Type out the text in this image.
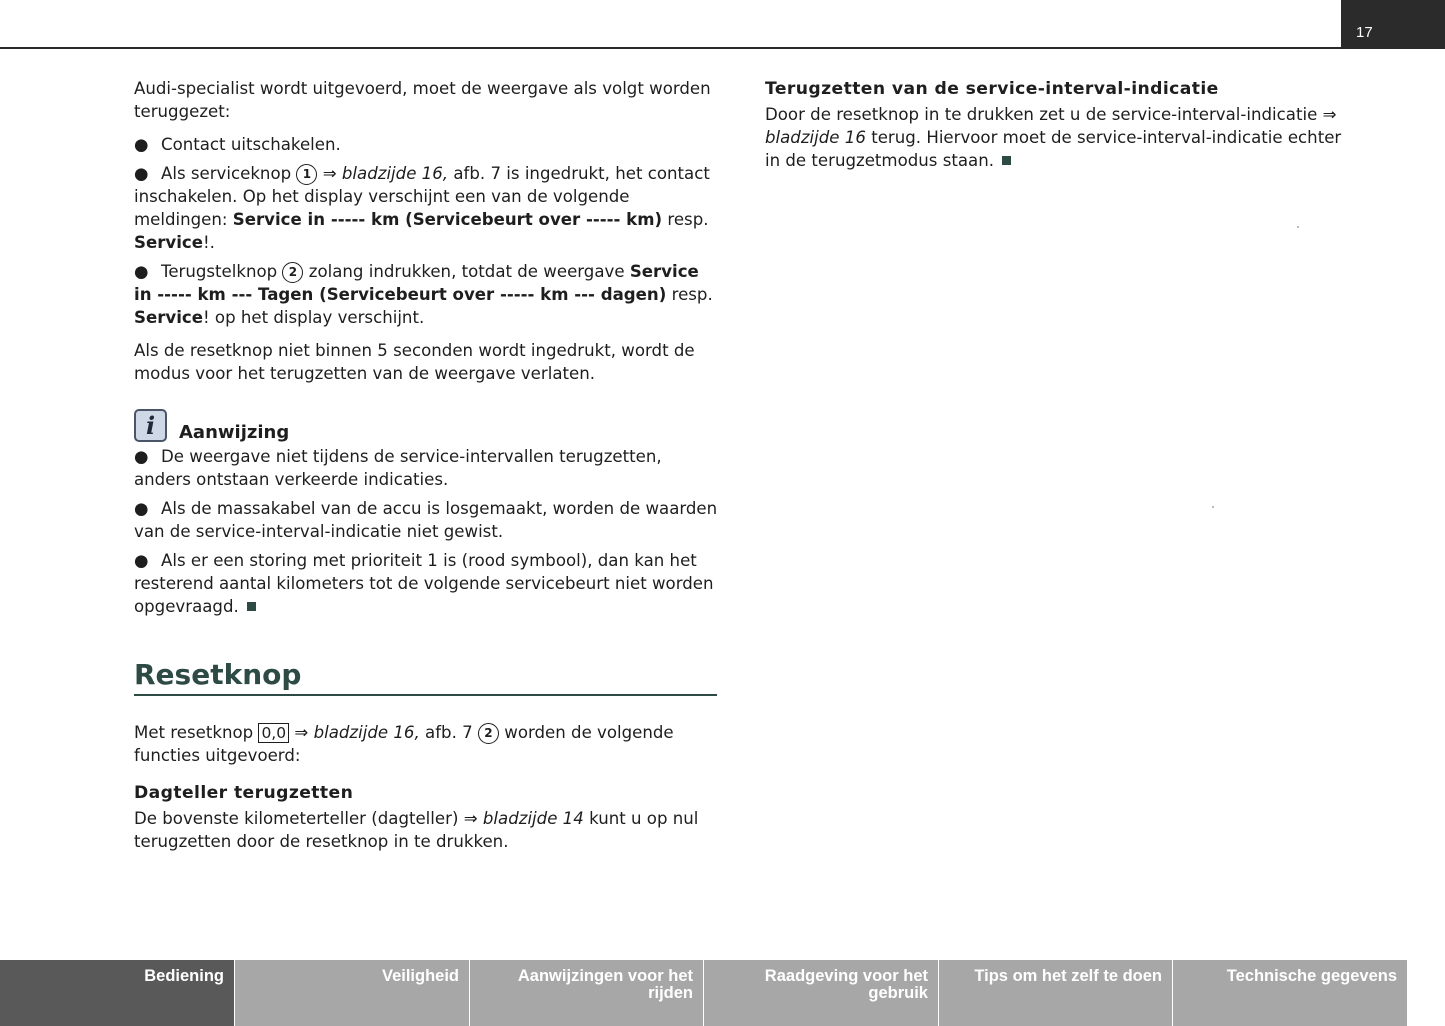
17

Audi-specialist wordt uitgevoerd, moet de weergave als volgt worden teruggezet:

● Contact uitschakelen.

● Als serviceknop 1 ⇒ bladzijde 16, afb. 7 is ingedrukt, het contact inschakelen. Op het display verschijnt een van de volgende meldingen: Service in ----- km (Servicebeurt over ----- km) resp. Service!.

● Terugstelknop 2 zolang indrukken, totdat de weergave Service in ----- km --- Tagen (Servicebeurt over ----- km --- dagen) resp. Service! op het display verschijnt.

Als de resetknop niet binnen 5 seconden wordt ingedrukt, wordt de modus voor het terugzetten van de weergave verlaten.

i	Aanwijzing

● De weergave niet tijdens de service-intervallen terugzetten, anders ontstaan verkeerde indicaties.

● Als de massakabel van de accu is losgemaakt, worden de waarden van de service-interval-indicatie niet gewist.

● Als er een storing met prioriteit 1 is (rood symbool), dan kan het resterend aantal kilometers tot de volgende servicebeurt niet worden opgevraagd.

Resetknop

Met resetknop 0,0 ⇒ bladzijde 16, afb. 7 2 worden de volgende functies uitgevoerd:

Dagteller terugzetten

De bovenste kilometerteller (dagteller) ⇒ bladzijde 14 kunt u op nul terugzetten door de resetknop in te drukken.

Terugzetten van de service-interval-indicatie

Door de resetknop in te drukken zet u de service-interval-indicatie ⇒ bladzijde 16 terug. Hiervoor moet de service-interval-indicatie echter in de terugzetmodus staan.

Bediening	Veiligheid	Aanwijzingen voor het rijden
Raadgeving voor het gebruik
Tips om het zelf te doen	Technische gegevens
